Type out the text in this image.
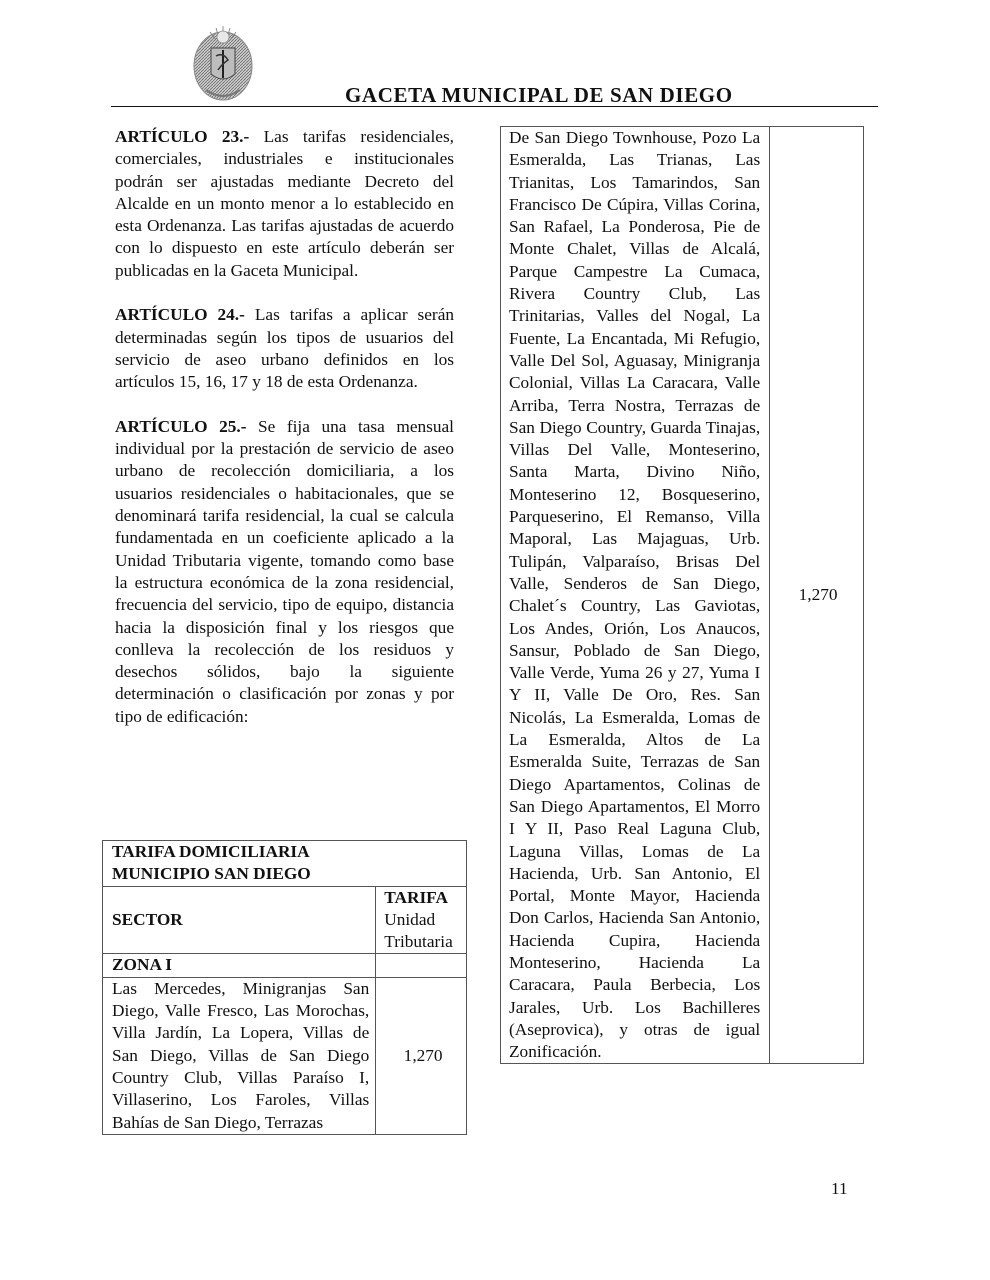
GACETA MUNICIPAL DE SAN DIEGO

ARTÍCULO 23.- Las tarifas residenciales, comerciales, industriales e institucionales podrán ser ajustadas mediante Decreto del Alcalde en un monto menor a lo establecido en esta Ordenanza. Las tarifas ajustadas de acuerdo con lo dispuesto en este artículo deberán ser publicadas en la Gaceta Municipal.

ARTÍCULO 24.- Las tarifas a aplicar serán determinadas según los tipos de usuarios del servicio de aseo urbano definidos en los artículos 15, 16, 17 y 18 de esta Ordenanza.

ARTÍCULO 25.- Se fija una tasa mensual individual por la prestación de servicio de aseo urbano de recolección domiciliaria, a los usuarios residenciales o habitacionales, que se denominará tarifa residencial, la cual se calcula fundamentada en un coeficiente aplicado a la Unidad Tributaria vigente, tomando como base la estructura económica de la zona residencial, frecuencia del servicio, tipo de equipo, distancia hacia la disposición final y los riesgos que conlleva la recolección de los residuos y desechos sólidos, bajo la siguiente determinación o clasificación por zonas y por tipo de edificación:

TARIFA DOMICILIARIA
MUNICIPIO SAN DIEGO	

SECTOR	TARIFA
Unidad
Tributaria

ZONA I	
Las Mercedes, Minigranjas San Diego, Valle Fresco, Las Morochas, Villa Jardín, La Lopera, Villas de San Diego, Villas de San Diego Country Club, Villas Paraíso I, Villaserino, Los Faroles, Villas Bahías de San Diego, Terrazas	1,270
De San Diego Townhouse, Pozo La Esmeralda, Las Trianas, Las Trianitas, Los Tamarindos, San Francisco De Cúpira, Villas Corina, San Rafael, La Ponderosa, Pie de Monte Chalet, Villas de Alcalá, Parque Campestre La Cumaca, Rivera Country Club, Las Trinitarias, Valles del Nogal, La Fuente, La Encantada, Mi Refugio, Valle Del Sol, Aguasay, Minigranja Colonial, Villas La Caracara, Valle Arriba, Terra Nostra, Terrazas de San Diego Country, Guarda Tinajas, Villas Del Valle, Monteserino, Santa Marta, Divino Niño, Monteserino 12, Bosqueserino, Parqueserino, El Remanso, Villa Maporal, Las Majaguas, Urb. Tulipán, Valparaíso, Brisas Del Valle, Senderos de San Diego, Chalet´s Country, Las Gaviotas, Los Andes, Orión, Los Anaucos, Sansur, Poblado de San Diego, Valle Verde, Yuma 26 y 27, Yuma I Y II, Valle De Oro, Res. San Nicolás, La Esmeralda, Lomas de La Esmeralda, Altos de La Esmeralda Suite, Terrazas de San Diego Apartamentos, Colinas de San Diego Apartamentos, El Morro I Y II, Paso Real Laguna Club, Laguna Villas, Lomas de La Hacienda, Urb. San Antonio, El Portal, Monte Mayor, Hacienda Don Carlos, Hacienda San Antonio, Hacienda Cupira, Hacienda Monteserino, Hacienda La Caracara, Paula Berbecia, Los Jarales, Urb. Los Bachilleres (Aseprovica), y otras de igual Zonificación.	1,270
11
